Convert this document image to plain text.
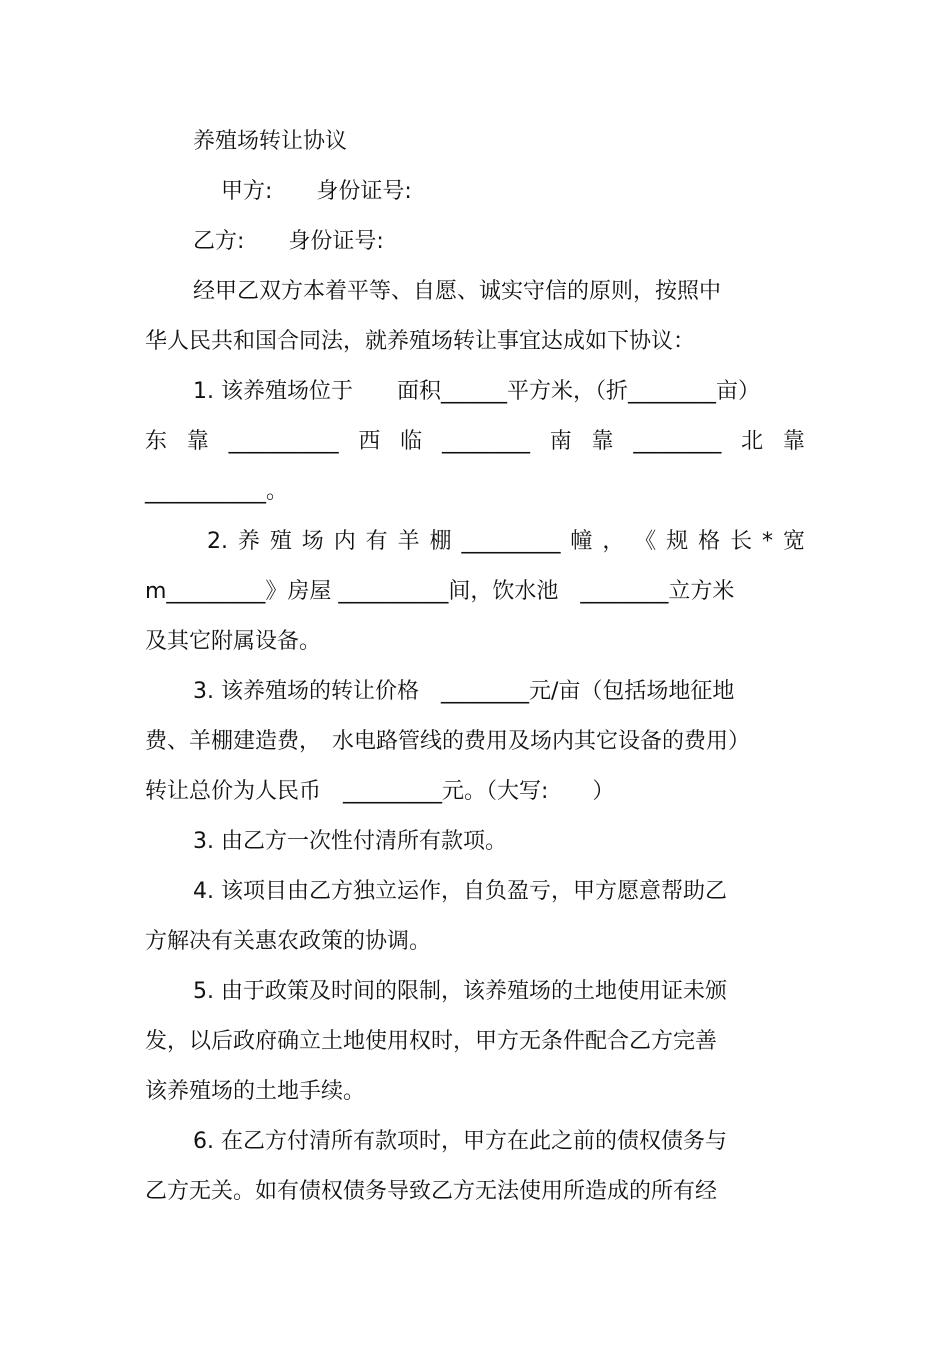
养殖场转让协议
甲方:　　身份证号:
乙方:　　身份证号:
经甲乙双方本着平等、自愿、诚实守信的原则，按照中
华人民共和国合同法，就养殖场转让事宜达成如下协议：
1. 该养殖场位于　　面积______平方米，（折________亩）
东 靠 __________ 西 临 ________ 南 靠 ________ 北 靠
___________。
2. 养 殖 场 内 有 羊 棚 _________ 幢 ， 《 规 格 长 * 宽
m_________》房屋 __________间，饮水池　________立方米
及其它附属设备。
3. 该养殖场的转让价格　________元/亩（包括场地征地
费、羊棚建造费，　水电路管线的费用及场内其它设备的费用）
转让总价为人民币　_________元。（大写:　　）
3. 由乙方一次性付清所有款项。
4. 该项目由乙方独立运作，自负盈亏，甲方愿意帮助乙
方解决有关惠农政策的协调。
5. 由于政策及时间的限制，该养殖场的土地使用证未颁
发，以后政府确立土地使用权时，甲方无条件配合乙方完善
该养殖场的土地手续。
6. 在乙方付清所有款项时，甲方在此之前的债权债务与
乙方无关。如有债权债务导致乙方无法使用所造成的所有经
